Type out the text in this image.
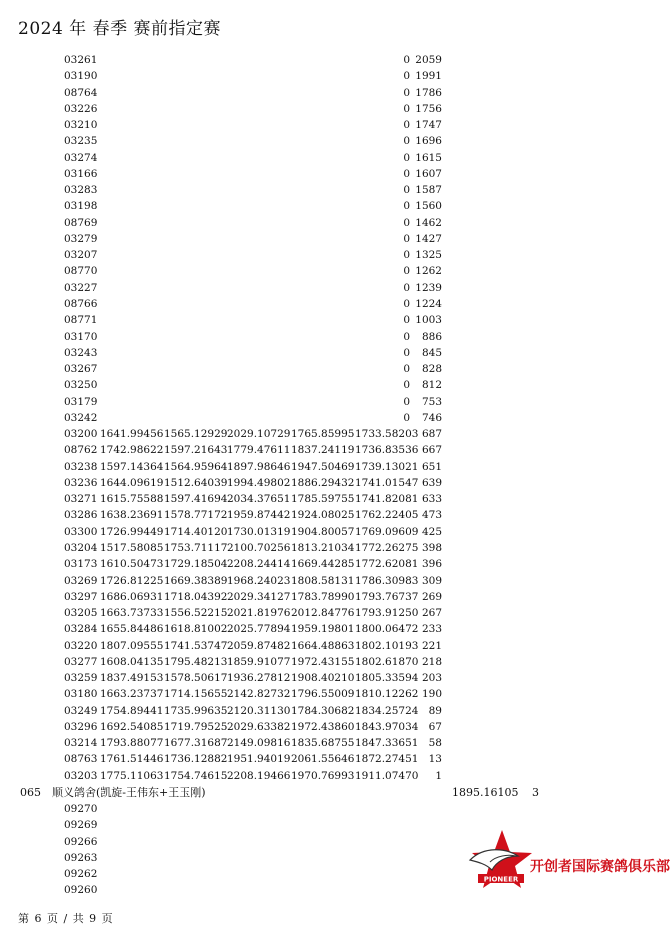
2024 年 春季 赛前指定赛
03261	0 2059
03190	0 1991
08764	0 1786
03226	0 1756
03210	0 1747
03235	0 1696
03274	0 1615
03166	0 1607
03283	0 1587
03198	0 1560
08769	0 1462
03279	0 1427
03207	0 1325
08770	0 1262
03227	0 1239
08766	0 1224
08771	0 1003
03170	0 886
03243	0 845
03267	0 828
03250	0 812
03179	0 753
03242	0 746
03200 1641.99456 1565.12929 2029.10729 1765.85995 1733.58203 687
08762 1742.98622 1597.21643 1779.47611 1837.24119 1736.83536 667
03238 1597.14364 1564.95964 1897.98646 1947.50469 1739.13021 651
03236 1644.09619 1512.64039 1994.49802 1886.29432 1741.01547 639
03271 1615.75588 1597.41694 2034.37651 1785.59755 1741.82081 633
03286 1638.23691 1578.77172 1959.87442 1924.08025 1762.22405 473
03300 1726.99449 1714.40120 1730.01319 1904.80057 1769.09609 425
03204 1517.58085 1753.71117 2100.70256 1813.21034 1772.26275 398
03173 1610.50473 1729.18504 2208.24414 1669.44285 1772.62081 396
03269 1726.81225 1669.38389 1968.24023 1808.58131 1786.30983 309
03297 1686.06931 1718.04392 2029.34127 1783.78990 1793.76737 269
03205 1663.73733 1556.52215 2021.81976 2012.84776 1793.91250 267
03284 1655.84486 1618.81002 2025.77894 1959.19801 1800.06472 233
03220 1807.09555 1741.53747 2059.87482 1664.48863 1802.10193 221
03277 1608.04135 1795.48213 1859.91077 1972.43155 1802.61870 218
03259 1837.49153 1578.50617 1936.27812 1908.40210 1805.33594 203
03180 1663.23737 1714.15655 2142.82732 1796.55009 1810.12262 190
03249 1754.89441 1735.99635 2120.31130 1784.30682 1834.25724 89
03296 1692.54085 1719.79525 2029.63382 1972.43860 1843.97034 67
03214 1793.88077 1677.31687 2149.09816 1835.68755 1847.33651 58
08763 1761.51446 1736.12882 1951.94019 2061.55646 1872.27451 13
03203 1775.11063 1754.74615 2208.19466 1970.76993 1911.07470 1
065 顺义鸽舍(凯旋-王伟东+王玉刚)	1895.16105 3
09270
09269
09266
09263
09262
09260
PIONEER
开创者国际赛鸽俱乐部
第 6 页 / 共 9 页
